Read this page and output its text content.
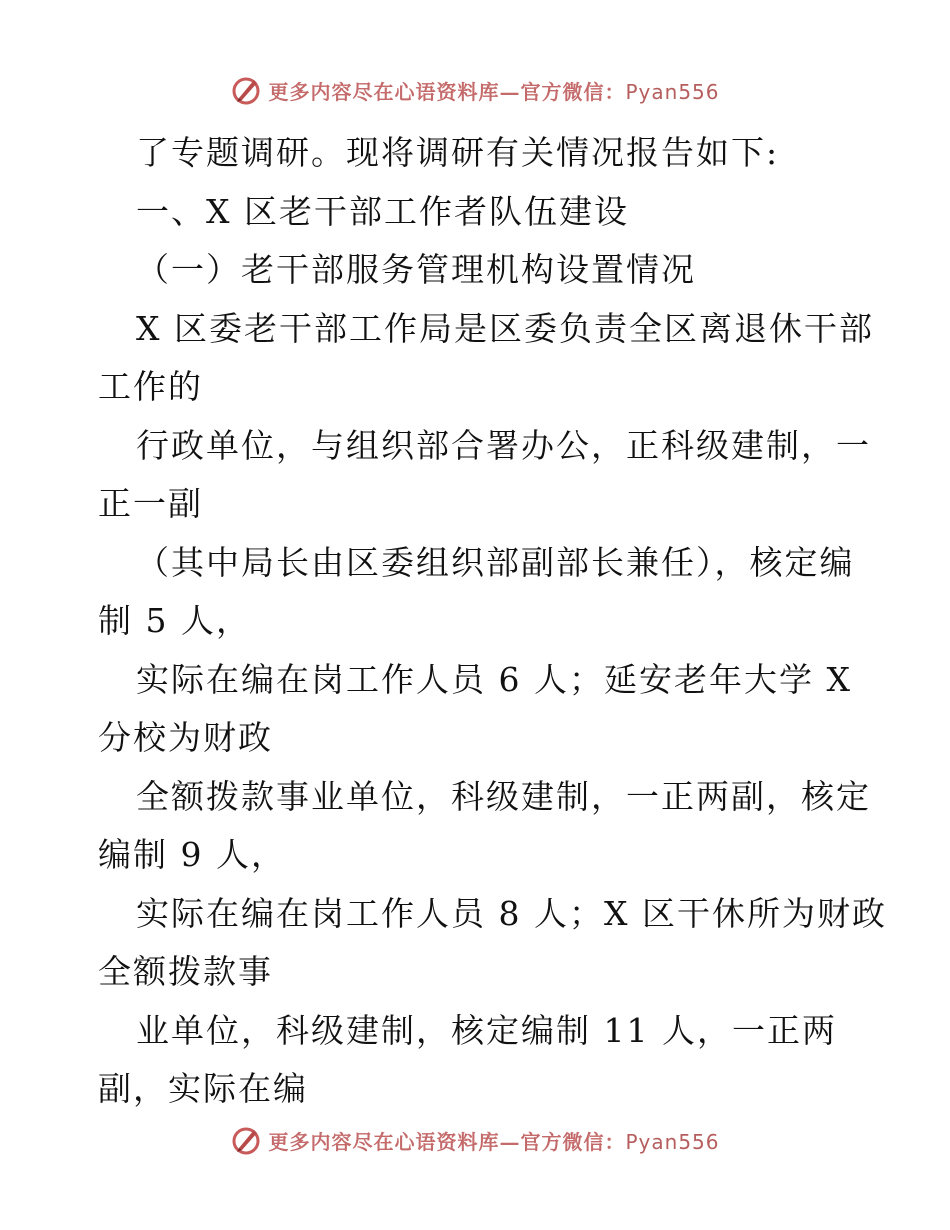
更多内容尽在心语资料库—官方微信：Pyan556
了专题调研。现将调研有关情况报告如下:
一、X 区老干部工作者队伍建设
（一）老干部服务管理机构设置情况
X 区委老干部工作局是区委负责全区离退休干部
工作的
行政单位，与组织部合署办公，正科级建制，一
正一副
（其中局长由区委组织部副部长兼任），核定编
制 5 人，
实际在编在岗工作人员 6 人；延安老年大学 X
分校为财政
全额拨款事业单位，科级建制，一正两副，核定
编制 9 人，
实际在编在岗工作人员 8 人；X 区干休所为财政
全额拨款事
业单位，科级建制，核定编制 11 人，一正两
副，实际在编
更多内容尽在心语资料库—官方微信：Pyan556
